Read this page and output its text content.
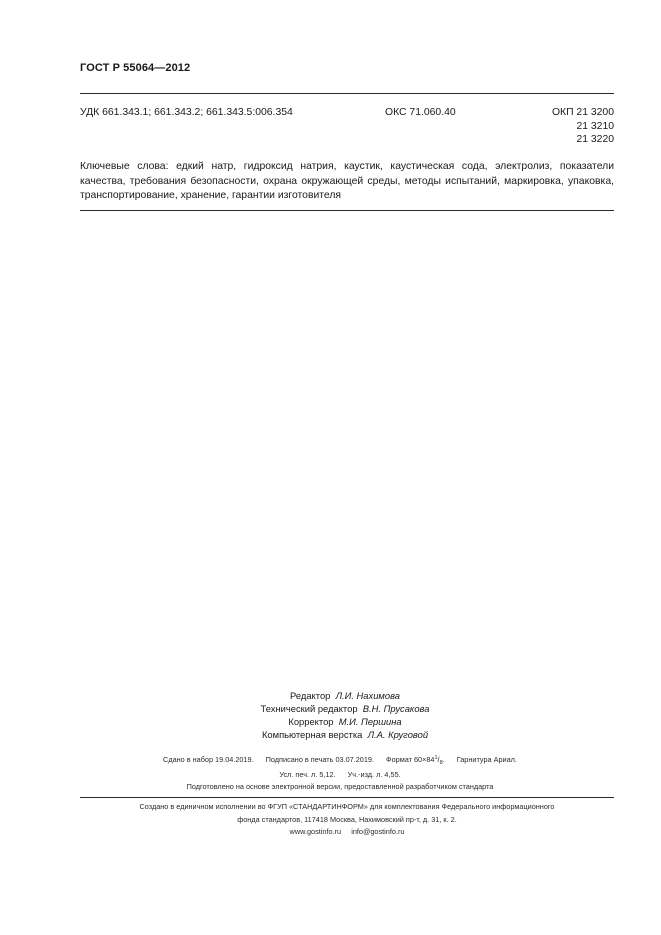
ГОСТ Р 55064—2012
УДК 661.343.1; 661.343.2; 661.343.5:006.354	ОКС 71.060.40	ОКП 21 3200
21 3210
21 3220
Ключевые слова: едкий натр, гидроксид натрия, каустик, каустическая сода, электролиз, показатели качества, требования безопасности, охрана окружающей среды, методы испытаний, маркировка, упаковка, транспортирование, хранение, гарантии изготовителя
Редактор Л.И. Нахимова
Технический редактор В.Н. Прусакова
Корректор М.И. Першина
Компьютерная верстка Л.А. Круговой
Сдано в набор 19.04.2019. Подписано в печать 03.07.2019. Формат $60\times 84^1/_8$. Гарнитура Ариал.
Усл. печ. л. 5,12. Уч.-изд. л. 4,55.
Подготовлено на основе электронной версии, предоставленной разработчиком стандарта
Создано в единичном исполнении во ФГУП «СТАНДАРТИНФОРМ» для комплектования Федерального информационного
фонда стандартов, 117418 Москва, Нахимовский пр-т, д. 31, к. 2.
www.gostinfo.ru info@gostinfo.ru
